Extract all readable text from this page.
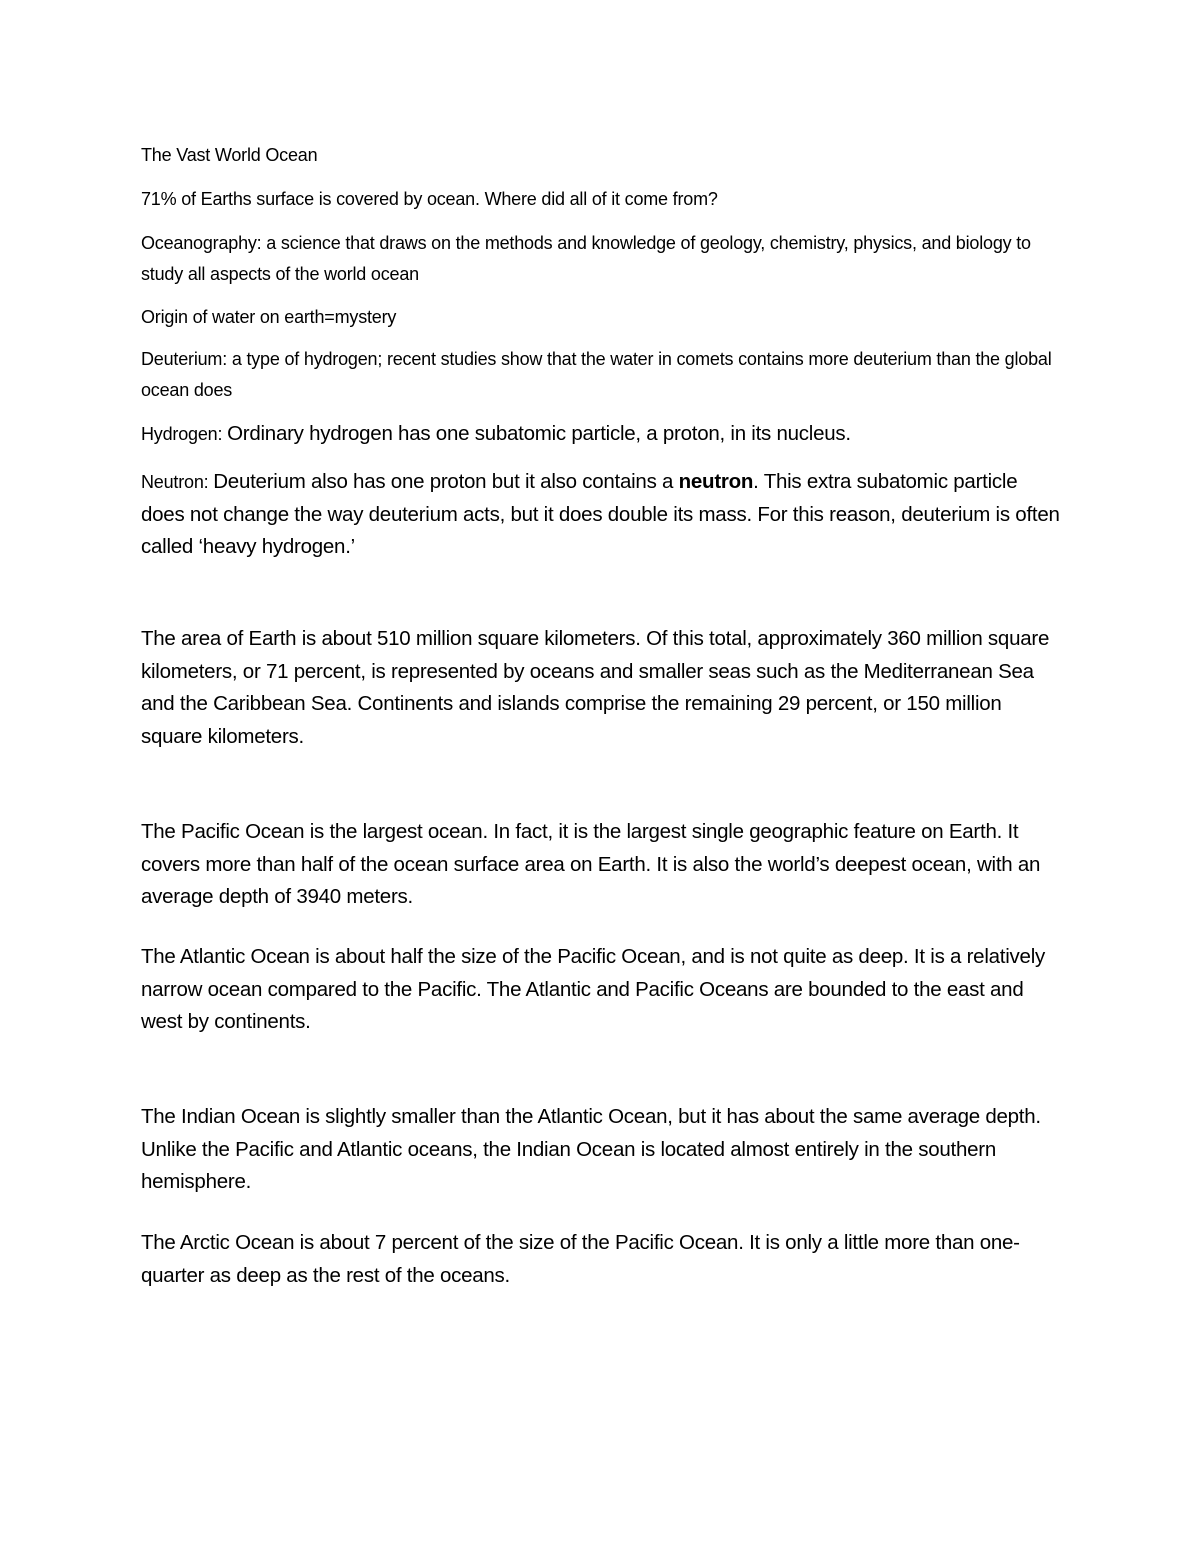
The Vast World Ocean

71% of Earths surface is covered by ocean. Where did all of it come from?

Oceanography: a science that draws on the methods and knowledge of geology, chemistry, physics, and biology to study all aspects of the world ocean

Origin of water on earth=mystery

Deuterium: a type of hydrogen; recent studies show that the water in comets contains more deuterium than the global ocean does

Hydrogen: Ordinary hydrogen has one subatomic particle, a proton, in its nucleus.

Neutron: Deuterium also has one proton but it also contains a neutron. This extra subatomic particle does not change the way deuterium acts, but it does double its mass. For this reason, deuterium is often called ‘heavy hydrogen.’

The area of Earth is about 510 million square kilometers. Of this total, approximately 360 million square kilometers, or 71 percent, is represented by oceans and smaller seas such as the Mediterranean Sea and the Caribbean Sea. Continents and islands comprise the remaining 29 percent, or 150 million square kilometers.

The Pacific Ocean is the largest ocean. In fact, it is the largest single geographic feature on Earth. It covers more than half of the ocean surface area on Earth. It is also the world’s deepest ocean, with an average depth of 3940 meters.

The Atlantic Ocean is about half the size of the Pacific Ocean, and is not quite as deep. It is a relatively narrow ocean compared to the Pacific. The Atlantic and Pacific Oceans are bounded to the east and west by continents.

The Indian Ocean is slightly smaller than the Atlantic Ocean, but it has about the same average depth. Unlike the Pacific and Atlantic oceans, the Indian Ocean is located almost entirely in the southern hemisphere.

The Arctic Ocean is about 7 percent of the size of the Pacific Ocean. It is only a little more than one-quarter as deep as the rest of the oceans.
